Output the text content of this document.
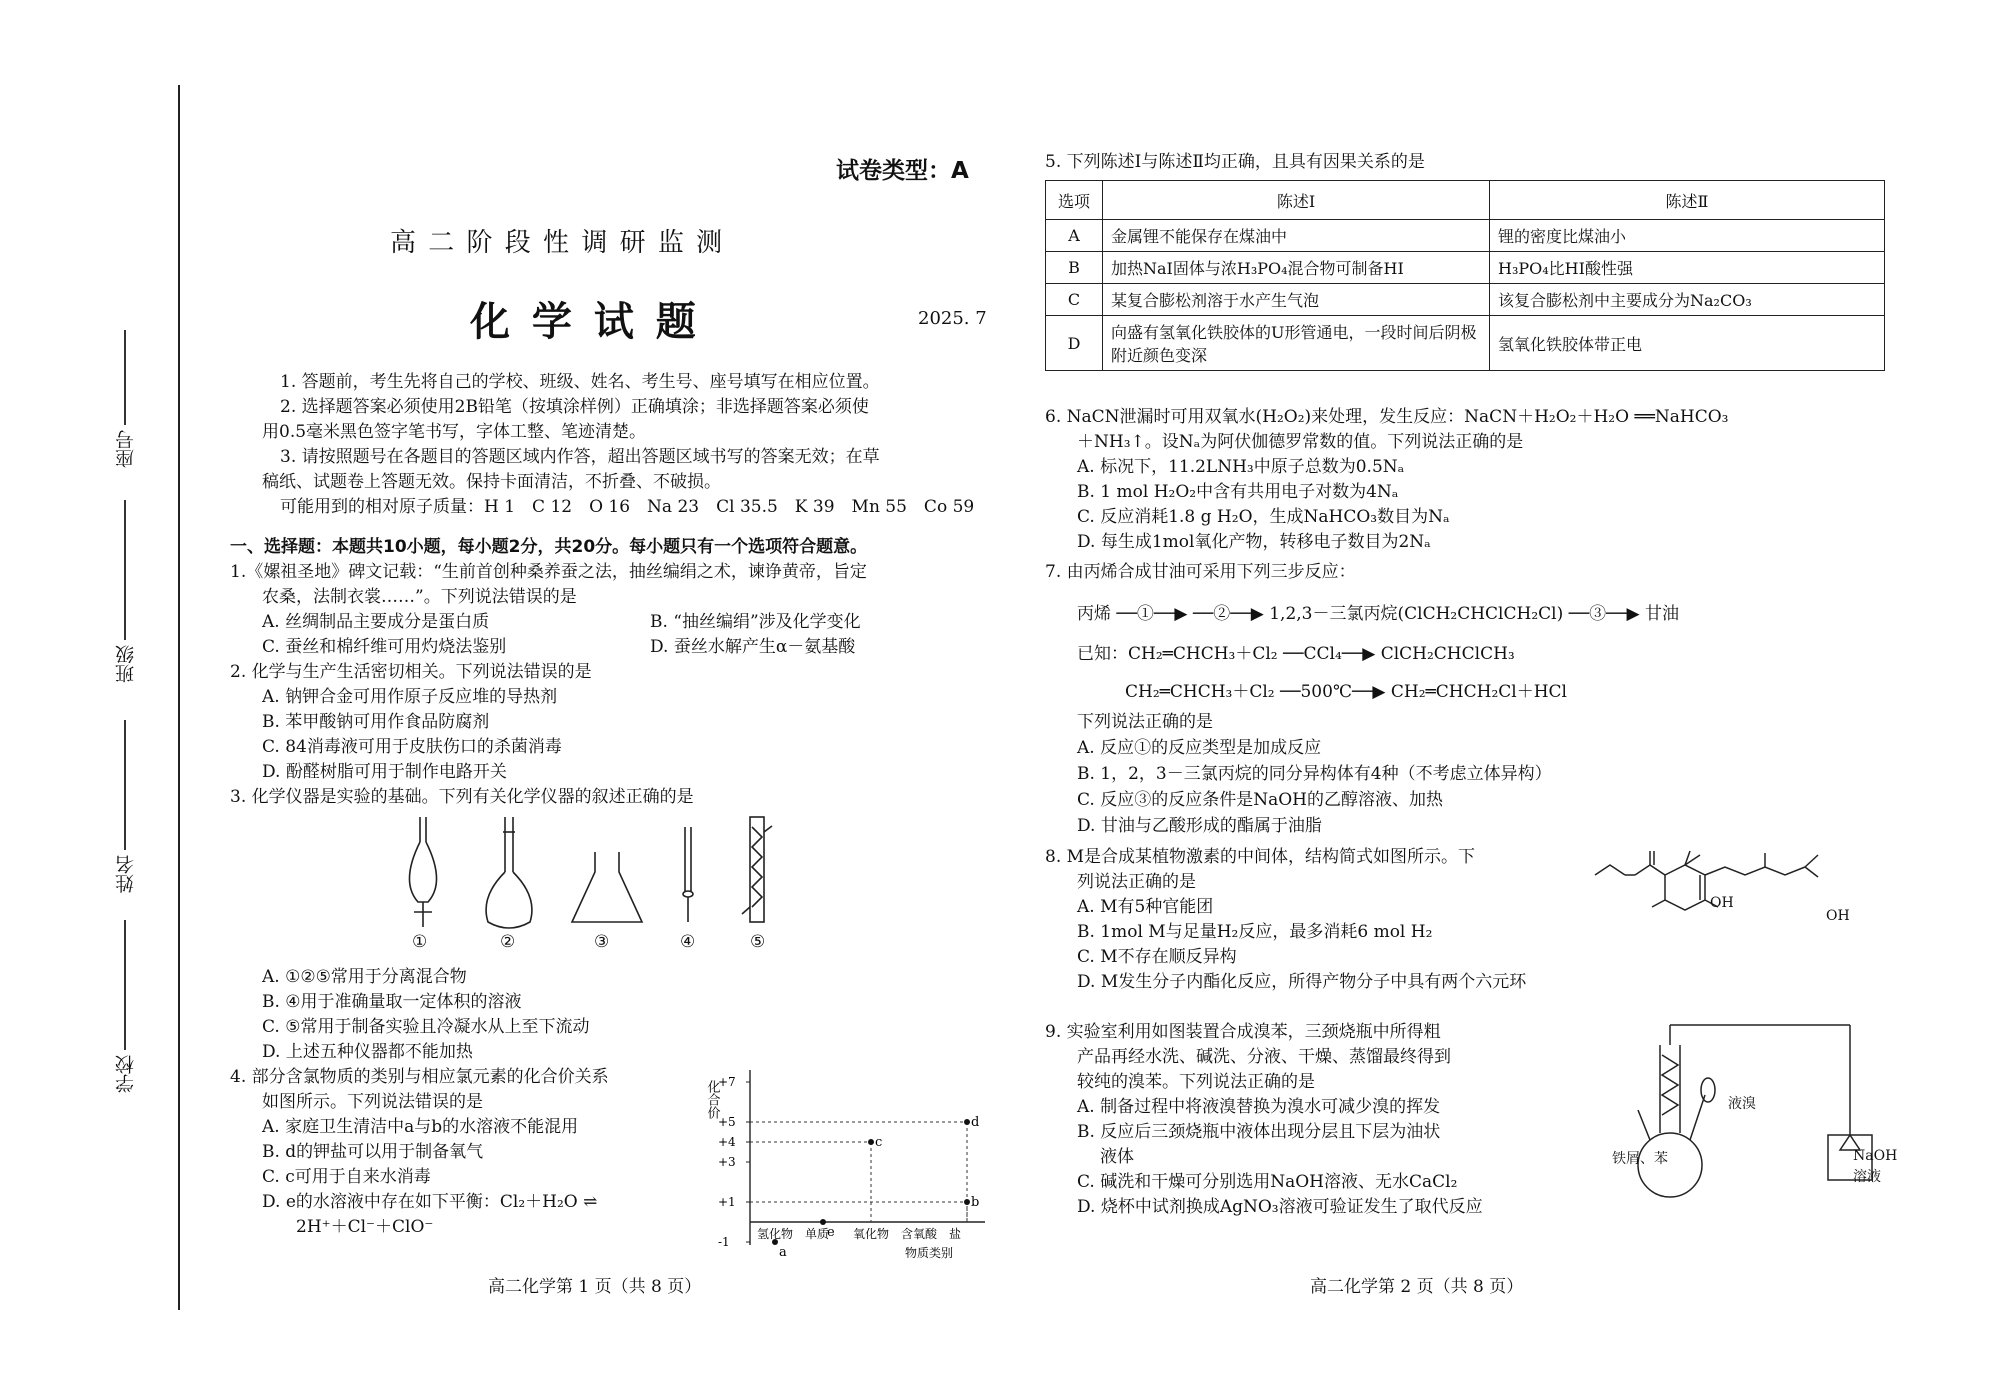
座号
班级
姓名
学校
试卷类型：A
高 二 阶 段 性 调 研 监 测
化 学 试 题	2025. 7
1. 答题前，考生先将自己的学校、班级、姓名、考生号、座号填写在相应位置。
2. 选择题答案必须使用2B铅笔（按填涂样例）正确填涂；非选择题答案必须使
用0.5毫米黑色签字笔书写，字体工整、笔迹清楚。
3. 请按照题号在各题目的答题区域内作答，超出答题区域书写的答案无效；在草
稿纸、试题卷上答题无效。保持卡面清洁，不折叠、不破损。
可能用到的相对原子质量：H 1　C 12　O 16　Na 23　Cl 35.5　K 39　Mn 55　Co 59
一、选择题：本题共10小题，每小题2分，共20分。每小题只有一个选项符合题意。
1.《嫘祖圣地》碑文记载：“生前首创种桑养蚕之法，抽丝编绢之术，谏诤黄帝，旨定
农桑，法制衣裳……”。下列说法错误的是
A. 丝绸制品主要成分是蛋白质	B. “抽丝编绢”涉及化学变化
C. 蚕丝和棉纤维可用灼烧法鉴别	D. 蚕丝水解产生α－氨基酸
2. 化学与生产生活密切相关。下列说法错误的是
A. 钠钾合金可用作原子反应堆的导热剂
B. 苯甲酸钠可用作食品防腐剂
C. 84消毒液可用于皮肤伤口的杀菌消毒
D. 酚醛树脂可用于制作电路开关
3. 化学仪器是实验的基础。下列有关化学仪器的叙述正确的是
①	②	③	④	⑤
A. ①②⑤常用于分离混合物
B. ④用于准确量取一定体积的溶液
C. ⑤常用于制备实验且冷凝水从上至下流动
D. 上述五种仪器都不能加热
4. 部分含氯物质的类别与相应氯元素的化合价关系
如图所示。下列说法错误的是
A. 家庭卫生清洁中a与b的水溶液不能混用
B. d的钾盐可以用于制备氧气
C. c可用于自来水消毒
D. e的水溶液中存在如下平衡：Cl₂＋H₂O ⇌
2H⁺＋Cl⁻＋ClO⁻
化合价
+7
+5
+4
+3
+1
-1
a
e
c
b
d
氢化物 单质 氧化物 含氧酸 盐
物质类别
高二化学第 1 页（共 8 页）
5. 下列陈述Ⅰ与陈述Ⅱ均正确，且具有因果关系的是
选项	陈述Ⅰ	陈述Ⅱ
A	金属锂不能保存在煤油中	锂的密度比煤油小
B	加热NaI固体与浓H₃PO₄混合物可制备HI	H₃PO₄比HI酸性强
C	某复合膨松剂溶于水产生气泡	该复合膨松剂中主要成分为Na₂CO₃
D	向盛有氢氧化铁胶体的U形管通电，一段时间后阴极附近颜色变深	氢氧化铁胶体带正电
6. NaCN泄漏时可用双氧水(H₂O₂)来处理，发生反应：NaCN＋H₂O₂＋H₂O ══NaHCO₃
＋NH₃↑。设Nₐ为阿伏伽德罗常数的值。下列说法正确的是
A. 标况下，11.2LNH₃中原子总数为0.5Nₐ
B. 1 mol H₂O₂中含有共用电子对数为4Nₐ
C. 反应消耗1.8 g H₂O，生成NaHCO₃数目为Nₐ
D. 每生成1mol氧化产物，转移电子数目为2Nₐ
7. 由丙烯合成甘油可采用下列三步反应：
丙烯 ──①──▶ ──②──▶ 1,2,3－三氯丙烷(ClCH₂CHClCH₂Cl) ──③──▶ 甘油
已知：CH₂═CHCH₃＋Cl₂ ──CCl₄──▶ ClCH₂CHClCH₃
CH₂═CHCH₃＋Cl₂ ──500℃──▶ CH₂═CHCH₂Cl＋HCl
下列说法正确的是
A. 反应①的反应类型是加成反应
B. 1，2，3－三氯丙烷的同分异构体有4种（不考虑立体异构）
C. 反应③的反应条件是NaOH的乙醇溶液、加热
D. 甘油与乙酸形成的酯属于油脂
8. M是合成某植物激素的中间体，结构简式如图所示。下
列说法正确的是
A. M有5种官能团
B. 1mol M与足量H₂反应，最多消耗6 mol H₂
C. M不存在顺反异构
D. M发生分子内酯化反应，所得产物分子中具有两个六元环
OH
OH
9. 实验室利用如图装置合成溴苯，三颈烧瓶中所得粗
产品再经水洗、碱洗、分液、干燥、蒸馏最终得到
较纯的溴苯。下列说法正确的是
A. 制备过程中将液溴替换为溴水可减少溴的挥发
B. 反应后三颈烧瓶中液体出现分层且下层为油状
液体
C. 碱洗和干燥可分别选用NaOH溶液、无水CaCl₂
D. 烧杯中试剂换成AgNO₃溶液可验证发生了取代反应
液溴
铁屑、苯	NaOH
溶液
高二化学第 2 页（共 8 页）
